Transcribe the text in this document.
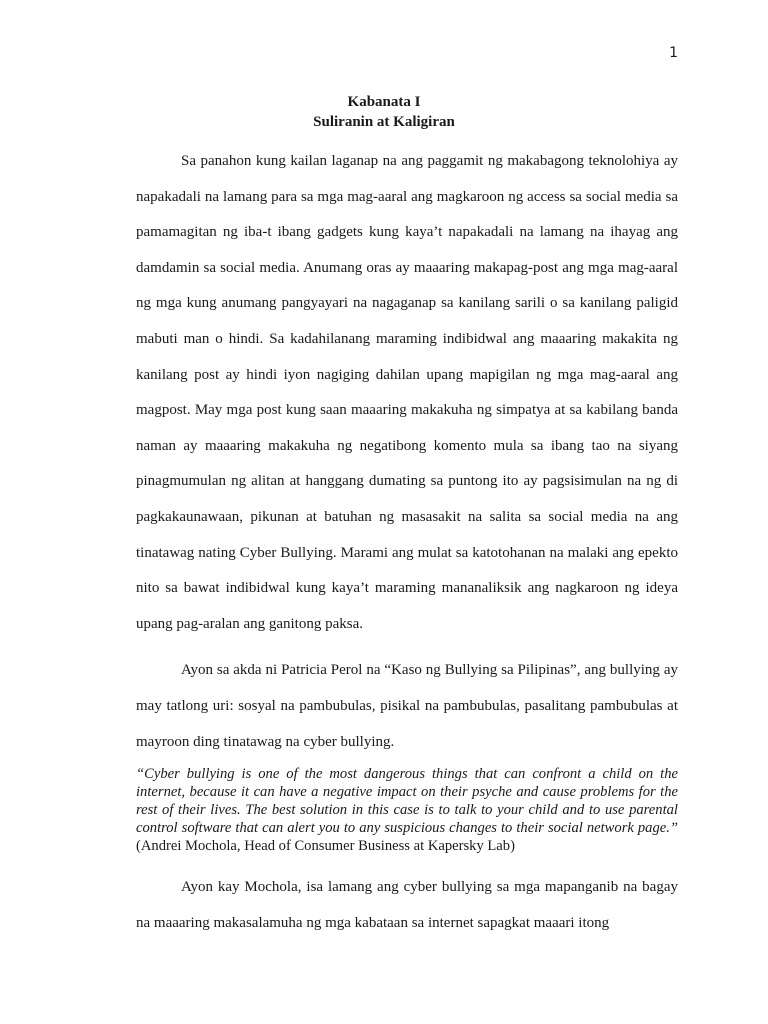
1
Kabanata I
Suliranin at Kaligiran

Sa panahon kung kailan laganap na ang paggamit ng makabagong teknolohiya ay napakadali na lamang para sa mga mag-aaral ang magkaroon ng access sa social media sa pamamagitan ng iba-t ibang gadgets kung kaya’t napakadali na lamang na ihayag ang damdamin sa social media. Anumang oras ay maaaring makapag-post ang mga mag-aaral ng mga kung anumang pangyayari na nagaganap sa kanilang sarili o sa kanilang paligid mabuti man o hindi. Sa kadahilanang maraming indibidwal ang maaaring makakita ng kanilang post ay hindi iyon nagiging dahilan upang mapigilan ng mga mag-aaral ang magpost. May mga post kung saan maaaring makakuha ng simpatya at sa kabilang banda naman ay maaaring makakuha ng negatibong komento mula sa ibang tao na siyang pinagmumulan ng alitan at hanggang dumating sa puntong ito ay pagsisimulan na ng di pagkakaunawaan, pikunan at batuhan ng masasakit na salita sa social media na ang tinatawag nating Cyber Bullying. Marami ang mulat sa katotohanan na malaki ang epekto nito sa bawat indibidwal kung kaya’t maraming mananaliksik ang nagkaroon ng ideya upang pag-aralan ang ganitong paksa.

Ayon sa akda ni Patricia Perol na “Kaso ng Bullying sa Pilipinas”, ang bullying ay may tatlong uri: sosyal na pambubulas, pisikal na pambubulas, pasalitang pambubulas at mayroon ding tinatawag na cyber bullying.

“Cyber bullying is one of the most dangerous things that can confront a child on the internet, because it can have a negative impact on their psyche and cause problems for the rest of their lives. The best solution in this case is to talk to your child and to use parental control software that can alert you to any suspicious changes to their social network page.” (Andrei Mochola, Head of Consumer Business at Kapersky Lab)

Ayon kay Mochola, isa lamang ang cyber bullying sa mga mapanganib na bagay na maaaring makasalamuha ng mga kabataan sa internet sapagkat maaari itong
